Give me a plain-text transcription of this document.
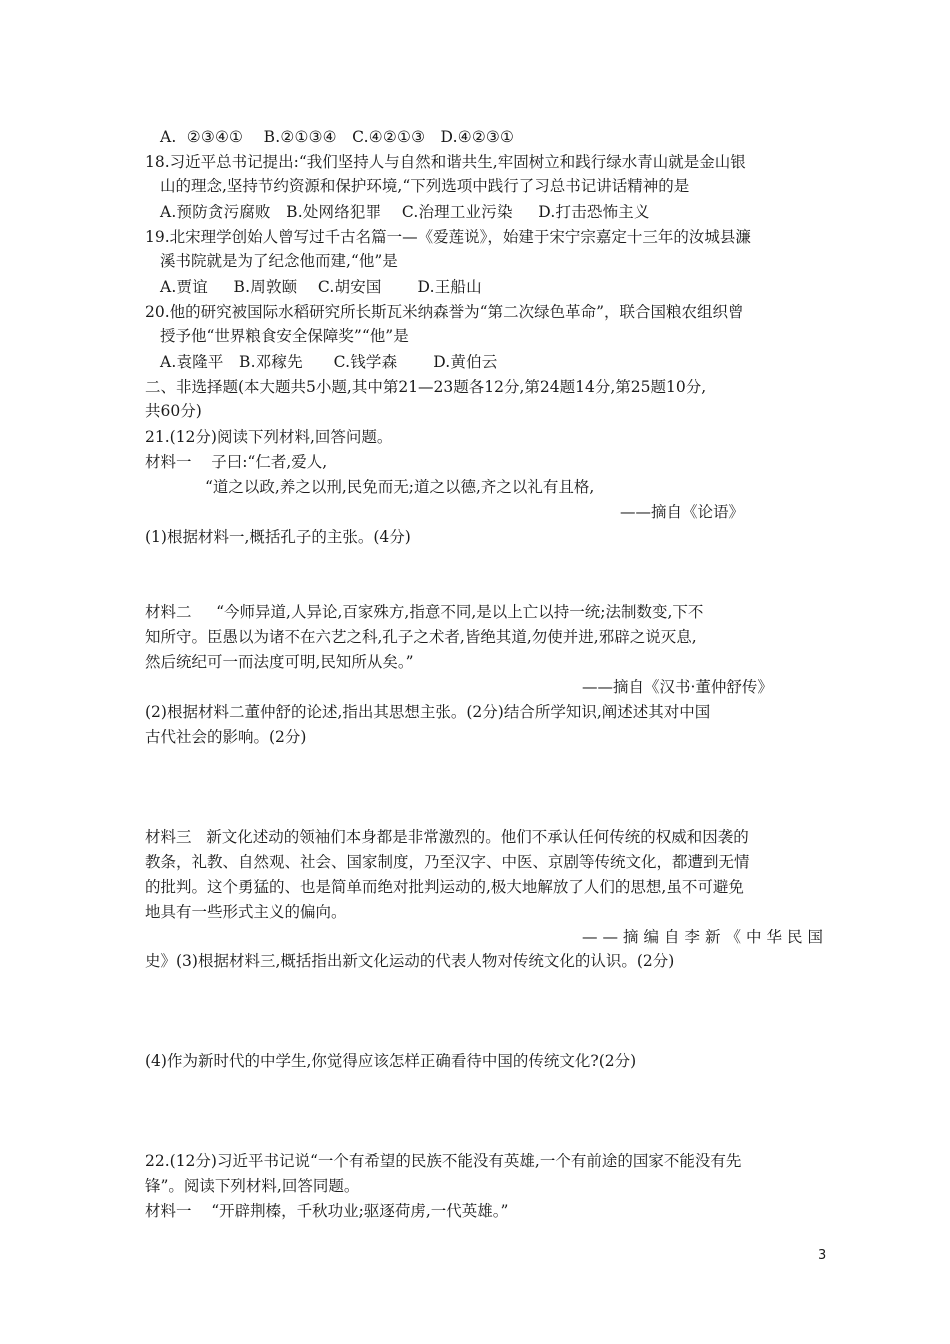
A.  ②③④①    B.②①③④   C.④②①③   D.④②③①
18.习近平总书记提出:“我们坚持人与自然和谐共生,牢固树立和践行绿水青山就是金山银
山的理念,坚持节约资源和保护环境,“下列选项中践行了习总书记讲话精神的是
A.预防贪污腐败   B.处网络犯罪    C.治理工业污染     D.打击恐怖主义
19.北宋理学创始人曾写过千古名篇一—《爱莲说》，始建于宋宁宗嘉定十三年的汝城县濂
溪书院就是为了纪念他而建,“他”是
A.贾谊     B.周敦颐    C.胡安国       D.王船山
20.他的研究被国际水稻研究所长斯瓦米纳森誉为“第二次绿色革命”，联合国粮农组织曾
授予他“世界粮食安全保障奖”“他”是
A.袁隆平   B.邓稼先      C.钱学森       D.黄伯云
二、非选择题(本大题共5小题,其中第21—23题各12分,第24题14分,第25题10分,
共60分)
21.(12分)阅读下列材料,回答问题。
材料一    子曰:“仁者,爱人,
“道之以政,养之以刑,民免而无;道之以德,齐之以礼有且格,
——摘自《论语》
(1)根据材料一,概括孔子的主张。(4分)
材料二     “今师异道,人异论,百家殊方,指意不同,是以上亡以持一统;法制数变,下不
知所守。臣愚以为诸不在六艺之科,孔子之术者,皆绝其道,勿使并进,邪辟之说灭息,
然后统纪可一而法度可明,民知所从矣。”
——摘自《汉书·董仲舒传》
(2)根据材料二董仲舒的论述,指出其思想主张。(2分)结合所学知识,阐述述其对中国
古代社会的影响。(2分)
材料三   新文化述动的领袖们本身都是非常激烈的。他们不承认任何传统的权威和因袭的
教条，礼教、自然观、社会、国家制度，乃至汉字、中医、京剧等传统文化，都遭到无情
的批判。这个勇猛的、也是简单而绝对批判运动的,极大地解放了人们的思想,虽不可避免
地具有一些形式主义的偏向。
——摘编自李新《中华民国
史》(3)根据材料三,概括指出新文化运动的代表人物对传统文化的认识。(2分)
(4)作为新时代的中学生,你觉得应该怎样正确看待中国的传统文化?(2分)
22.(12分)习近平书记说“一个有希望的民族不能没有英雄,一个有前途的国家不能没有先
锋”。阅读下列材料,回答同题。
材料一    “开辟荆榛，千秋功业;驱逐荷虏,一代英雄。”
3
